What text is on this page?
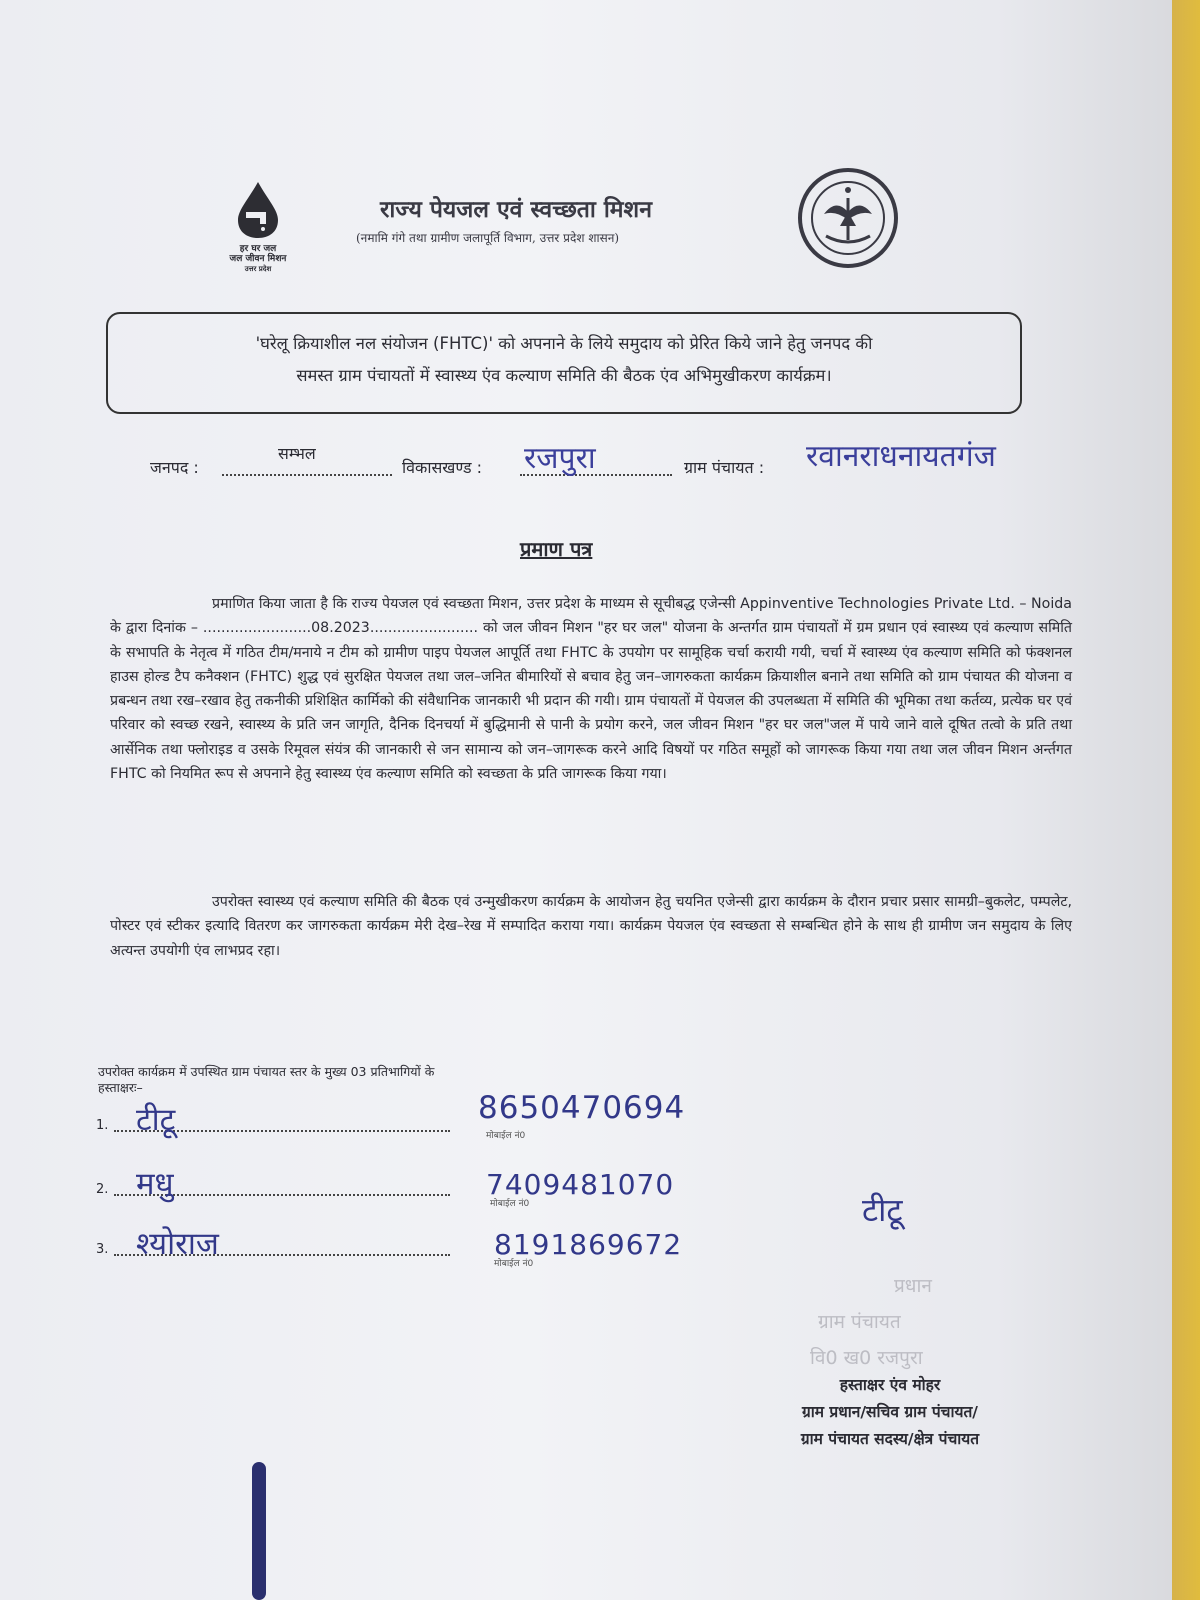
हर घर जल
जल जीवन मिशन
उत्तर प्रदेश
राज्य पेयजल एवं स्वच्छता मिशन
(नमामि गंगे तथा ग्रामीण जलापूर्ति विभाग, उत्तर प्रदेश शासन)
'घरेलू क्रियाशील नल संयोजन (FHTC)' को अपनाने के लिये समुदाय को प्रेरित किये जाने हेतु जनपद की
समस्त ग्राम पंचायतों में स्वास्थ्य एंव कल्याण समिति की बैठक एंव अभिमुखीकरण कार्यक्रम।
जनपद :
सम्भल
विकासखण्ड : रजपुरा	ग्राम पंचायत : रवानराधनायतगंज
प्रमाण पत्र
प्रमाणित किया जाता है कि राज्य पेयजल एवं स्वच्छता मिशन, उत्तर प्रदेश के माध्यम से सूचीबद्ध एजेन्सी Appinventive Technologies Private Ltd. – Noida के द्वारा दिनांक – ........................08.2023........................ को जल जीवन मिशन "हर घर जल" योजना के अन्तर्गत ग्राम पंचायतों में ग्रम प्रधान एवं स्वास्थ्य एवं कल्याण समिति के सभापति के नेतृत्व में गठित टीम/मनाये न टीम को ग्रामीण पाइप पेयजल आपूर्ति तथा FHTC के उपयोग पर सामूहिक चर्चा करायी गयी, चर्चा में स्वास्थ्य एंव कल्याण समिति को फंक्शनल हाउस होल्ड टैप कनैक्शन (FHTC) शुद्ध एवं सुरक्षित पेयजल तथा जल–जनित बीमारियों से बचाव हेतु जन–जागरुकता कार्यक्रम क्रियाशील बनाने तथा समिति को ग्राम पंचायत की योजना व प्रबन्धन तथा रख–रखाव हेतु तकनीकी प्रशिक्षित कार्मिको की संवैधानिक जानकारी भी प्रदान की गयी। ग्राम पंचायतों में पेयजल की उपलब्धता में समिति की भूमिका तथा कर्तव्य, प्रत्येक घर एवं परिवार को स्वच्छ रखने, स्वास्थ्य के प्रति जन जागृति, दैनिक दिनचर्या में बुद्धिमानी से पानी के प्रयोग करने, जल जीवन मिशन "हर घर जल"जल में पाये जाने वाले दूषित तत्वो के प्रति तथा आर्सेनिक तथा फ्लोराइड व उसके रिमूवल संयंत्र की जानकारी से जन सामान्य को जन–जागरूक करने आदि विषयों पर गठित समूहों को जागरूक किया गया तथा जल जीवन मिशन अर्न्तगत FHTC को नियमित रूप से अपनाने हेतु स्वास्थ्य एंव कल्याण समिति को स्वच्छता के प्रति जागरूक किया गया।
उपरोक्त स्वास्थ्य एवं कल्याण समिति की बैठक एवं उन्मुखीकरण कार्यक्रम के आयोजन हेतु चयनित एजेन्सी द्वारा कार्यक्रम के दौरान प्रचार प्रसार सामग्री–बुकलेट, पम्पलेट, पोस्टर एवं स्टीकर इत्यादि वितरण कर जागरुकता कार्यक्रम मेरी देख–रेख में सम्पादित कराया गया। कार्यक्रम पेयजल एंव स्वच्छता से सम्बन्धित होने के साथ ही ग्रामीण जन समुदाय के लिए अत्यन्त उपयोगी एंव लाभप्रद रहा।
उपरोक्त कार्यक्रम में उपस्थित ग्राम पंचायत स्तर के मुख्य 03 प्रतिभागियों के
हस्ताक्षरः–
1. टीटू
2. मधु
3. श्योराज
8650470694
मोबाईल नं0
7409481070
मोबाईल नं0
8191869672
मोबाईल नं0
टीटू
प्रधान
ग्राम पंचायत
वि0 ख0 रजपुरा
हस्ताक्षर एंव मोहर
ग्राम प्रधान/सचिव ग्राम पंचायत/
ग्राम पंचायत सदस्य/क्षेत्र पंचायत
